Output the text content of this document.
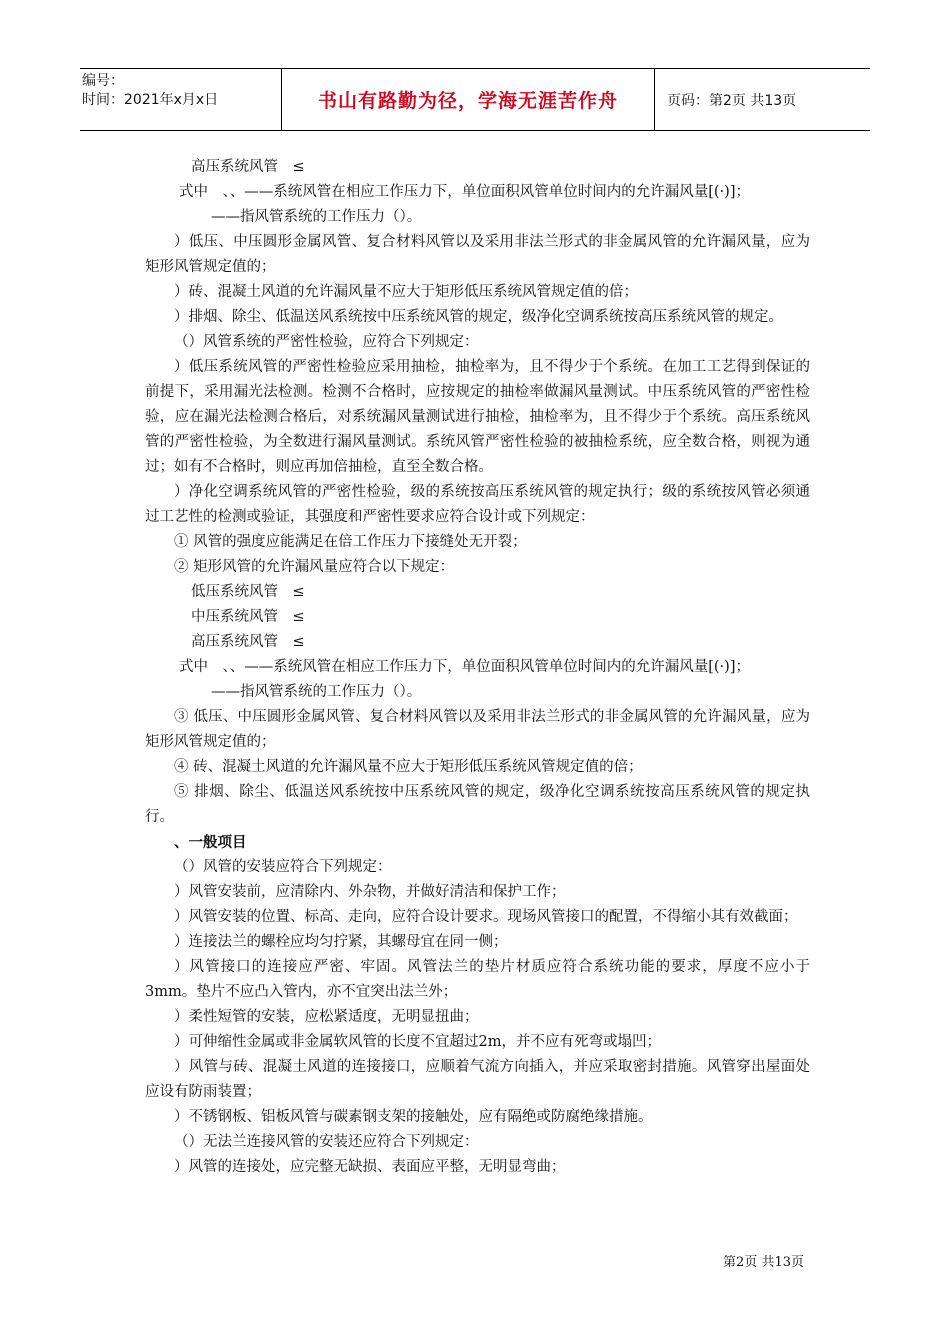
编号：
时间：2021年x月x日	书山有路勤为径，学海无涯苦作舟	页码：第2页 共13页

高压系统风管　≤

式中　、、——系统风管在相应工作压力下，单位面积风管单位时间内的允许漏风量[(·)]；

——指风管系统的工作压力（）。

）低压、中压圆形金属风管、复合材料风管以及采用非法兰形式的非金属风管的允许漏风量，应为矩形风管规定值的；

）砖、混凝土风道的允许漏风量不应大于矩形低压系统风管规定值的倍；

）排烟、除尘、低温送风系统按中压系统风管的规定，级净化空调系统按高压系统风管的规定。

（）风管系统的严密性检验，应符合下列规定：

）低压系统风管的严密性检验应采用抽检，抽检率为，且不得少于个系统。在加工工艺得到保证的前提下，采用漏光法检测。检测不合格时，应按规定的抽检率做漏风量测试。中压系统风管的严密性检验，应在漏光法检测合格后，对系统漏风量测试进行抽检，抽检率为，且不得少于个系统。高压系统风管的严密性检验，为全数进行漏风量测试。系统风管严密性检验的被抽检系统，应全数合格，则视为通过；如有不合格时，则应再加倍抽检，直至全数合格。

）净化空调系统风管的严密性检验，级的系统按高压系统风管的规定执行；级的系统按风管必须通过工艺性的检测或验证，其强度和严密性要求应符合设计或下列规定：

① 风管的强度应能满足在倍工作压力下接缝处无开裂；

② 矩形风管的允许漏风量应符合以下规定：

低压系统风管　≤

中压系统风管　≤

高压系统风管　≤

式中　、、——系统风管在相应工作压力下，单位面积风管单位时间内的允许漏风量[(·)]；

——指风管系统的工作压力（）。

③ 低压、中压圆形金属风管、复合材料风管以及采用非法兰形式的非金属风管的允许漏风量，应为矩形风管规定值的；

④ 砖、混凝土风道的允许漏风量不应大于矩形低压系统风管规定值的倍；

⑤ 排烟、除尘、低温送风系统按中压系统风管的规定，级净化空调系统按高压系统风管的规定执行。

、一般项目

（）风管的安装应符合下列规定：

）风管安装前，应清除内、外杂物，并做好清洁和保护工作；

）风管安装的位置、标高、走向，应符合设计要求。现场风管接口的配置，不得缩小其有效截面；

）连接法兰的螺栓应均匀拧紧，其螺母宜在同一侧；

）风管接口的连接应严密、牢固。风管法兰的垫片材质应符合系统功能的要求，厚度不应小于3mm。垫片不应凸入管内，亦不宜突出法兰外；

）柔性短管的安装，应松紧适度，无明显扭曲；

）可伸缩性金属或非金属软风管的长度不宜超过2m，并不应有死弯或塌凹；

）风管与砖、混凝土风道的连接接口，应顺着气流方向插入，并应采取密封措施。风管穿出屋面处应设有防雨装置；

）不锈钢板、铝板风管与碳素钢支架的接触处，应有隔绝或防腐绝缘措施。

（）无法兰连接风管的安装还应符合下列规定：

）风管的连接处，应完整无缺损、表面应平整，无明显弯曲；

第2页 共13页
